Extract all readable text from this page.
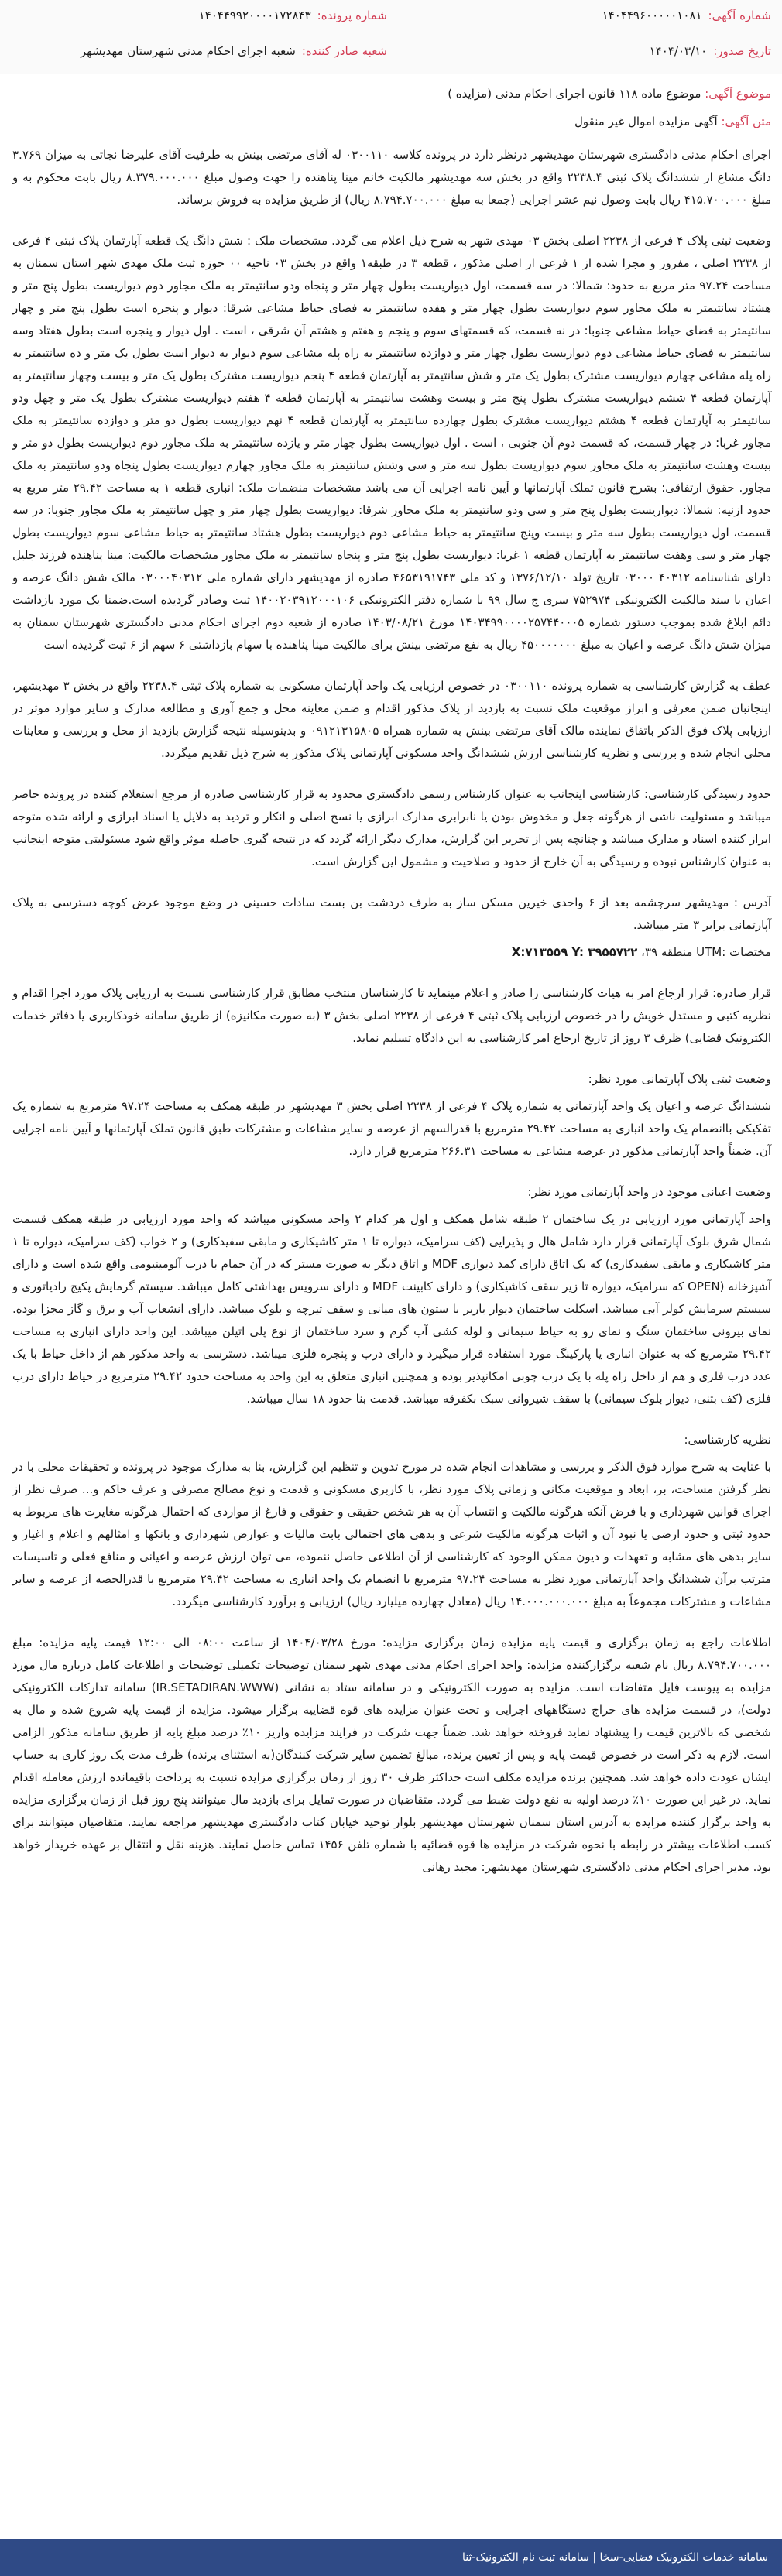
شماره آگهی:
۱۴۰۴۴۹۶۰۰۰۰۰۱۰۸۱
شماره پرونده:
۱۴۰۴۴۹۹۲۰۰۰۰۱۷۲۸۴۳
تاریخ صدور:
۱۴۰۴/۰۳/۱۰
شعبه صادر کننده:
شعبه اجرای احکام مدنی شهرستان مهدیشهر
موضوع آگهی: موضوع ماده ۱۱۸ قانون اجرای احکام مدنی (مزایده )
متن آگهی: آگهی مزایده اموال غیر منقول

اجرای احکام مدنی دادگستری شهرستان مهدیشهر درنظر دارد در پرونده کلاسه ۰۳۰۰۱۱۰ له آقای مرتضی بینش به طرفیت آقای علیرضا نجاتی به میزان ۳.۷۶۹ دانگ مشاع از ششدانگ پلاک ثبتی ۲۲۳۸.۴ واقع در بخش سه مهدیشهر مالکیت خانم مینا پناهنده را جهت وصول مبلغ ۸.۳۷۹.۰۰۰.۰۰۰ ریال بابت محکوم به و مبلغ ۴۱۵.۷۰۰.۰۰۰ ریال بابت وصول نیم عشر اجرایی (جمعا به مبلغ ۸.۷۹۴.۷۰۰.۰۰۰ ریال) از طریق مزایده به فروش برساند.

وضعیت ثبتی پلاک ۴ فرعی از ۲۲۳۸ اصلی بخش ۰۳ مهدی شهر به شرح ذیل اعلام می گردد. مشخصات ملک : شش دانگ یک قطعه آپارتمان پلاک ثبتی ۴ فرعی از ۲۲۳۸ اصلی ، مفروز و مجزا شده از ۱ فرعی از اصلی مذکور ، قطعه ۳ در طبقه۱ واقع در بخش ۰۳ ناحیه ۰۰ حوزه ثبت ملک مهدی شهر استان سمنان به مساحت ۹۷.۲۴ متر مربع به حدود: شمالا: در سه قسمت، اول دیواریست بطول چهار متر و پنجاه ودو سانتیمتر به ملک مجاور دوم دیواریست بطول پنج متر و هشتاد سانتیمتر به ملک مجاور سوم دیواریست بطول چهار متر و هفده سانتیمتر به فضای حیاط مشاعی شرقا: دیوار و پنجره است بطول پنج متر و چهار سانتیمتر به فضای حیاط مشاعی جنوبا: در نه قسمت، که قسمتهای سوم و پنجم و هفتم و هشتم آن شرقی ، است . اول دیوار و پنجره است بطول هفتاد وسه سانتیمتر به فضای حیاط مشاعی دوم دیواریست بطول چهار متر و دوازده سانتیمتر به راه پله مشاعی سوم دیوار به دیوار است بطول یک متر و ده سانتیمتر به راه پله مشاعی چهارم دیواریست مشترک بطول یک متر و شش سانتیمتر به آپارتمان قطعه ۴ پنجم دیواریست مشترک بطول یک متر و بیست وچهار سانتیمتر به آپارتمان قطعه ۴ ششم دیواریست مشترک بطول پنج متر و بیست وهشت سانتیمتر به آپارتمان قطعه ۴ هفتم دیواریست مشترک بطول یک متر و چهل ودو سانتیمتر به آپارتمان قطعه ۴ هشتم دیواریست مشترک بطول چهارده سانتیمتر به آپارتمان قطعه ۴ نهم دیواریست بطول دو متر و دوازده سانتیمتر به ملک مجاور غربا: در چهار قسمت، که قسمت دوم آن جنوبی ، است . اول دیواریست بطول چهار متر و یازده سانتیمتر به ملک مجاور دوم دیواریست بطول دو متر و بیست وهشت سانتیمتر به ملک مجاور سوم دیواریست بطول سه متر و سی وشش سانتیمتر به ملک مجاور چهارم دیواریست بطول پنجاه ودو سانتیمتر به ملک مجاور. حقوق ارتفاقی: بشرح قانون تملک آپارتمانها و آیین نامه اجرایی آن می باشد مشخصات منضمات ملک: انباری قطعه ۱ به مساحت ۲۹.۴۲ متر مربع به حدود ازنیه: شمالا: دیواریست بطول پنج متر و سی ودو سانتیمتر به ملک مجاور شرقا: دیواریست بطول چهار متر و چهل سانتیمتر به ملک مجاور جنوبا: در سه قسمت، اول دیواریست بطول سه متر و بیست وپنج سانتیمتر به حیاط مشاعی دوم دیواریست بطول هشتاد سانتیمتر به حیاط مشاعی سوم دیواریست بطول چهار متر و سی وهفت سانتیمتر به آپارتمان قطعه ۱ غربا: دیواریست بطول پنج متر و پنجاه سانتیمتر به ملک مجاور مشخصات مالکیت: مینا پناهنده فرزند جلیل دارای شناسنامه ۴۰۳۱۲ ۰۳۰۰۰ تاریخ تولد ۱۳۷۶/۱۲/۱۰ و کد ملی ۴۶۵۳۱۹۱۷۴۳ صادره از مهدیشهر دارای شماره ملی ۰۳۰۰۰۴۰۳۱۲ مالک شش دانگ عرصه و اعیان با سند مالکیت الکترونیکی ۷۵۲۹۷۴ سری ج سال ۹۹ با شماره دفتر الکترونیکی ۱۴۰۰۲۰۳۹۱۲۰۰۰۱۰۶ ثبت وصادر گردیده است.ضمنا یک مورد بازداشت دائم ابلاغ شده بموجب دستور شماره ۱۴۰۳۴۹۹۰۰۰۰۲۵۷۴۴۰۰۰۵ مورخ ۱۴۰۳/۰۸/۲۱ صادره از شعبه دوم اجرای احکام مدنی دادگستری شهرستان سمنان به میزان شش دانگ عرصه و اعیان به مبلغ ۴۵۰۰۰۰۰۰۰ ریال به نفع مرتضی بینش برای مالکیت مینا پناهنده با سهام بازداشتی ۶ سهم از ۶ ثبت گردیده است

عطف به گزارش کارشناسی به شماره پرونده ۰۳۰۰۱۱۰ در خصوص ارزیابی یک واحد آپارتمان مسکونی به شماره پلاک ثبتی ۲۲۳۸.۴ واقع در بخش ۳ مهدیشهر، اینجانبان ضمن معرفی و ابراز موقعیت ملک نسبت به بازدید از پلاک مذکور اقدام و ضمن معاینه محل و جمع آوری و مطالعه مدارک و سایر موارد موثر در ارزیابی پلاک فوق الذکر باتفاق نماینده مالک آقای مرتضی بینش به شماره همراه ۰۹۱۲۱۳۱۵۸۰۵ و بدینوسیله نتیجه گزارش بازدید از محل و بررسی و معاینات محلی انجام شده و بررسی و نظریه کارشناسی ارزش ششدانگ واحد مسکونی آپارتمانی پلاک مذکور به شرح ذیل تقدیم میگردد.

حدود رسیدگی کارشناسی: کارشناسی اینجانب به عنوان کارشناس رسمی دادگستری محدود به قرار کارشناسی صادره از مرجع استعلام کننده در پرونده حاضر میباشد و مسئولیت ناشی از هرگونه جعل و مخدوش بودن یا نابرابری مدارک ابرازی یا نسخ اصلی و انکار و تردید به دلایل یا اسناد ابرازی و ارائه شده متوجه ابراز کننده اسناد و مدارک میباشد و چنانچه پس از تحریر این گزارش، مدارک دیگر ارائه گردد که در نتیجه گیری حاصله موثر واقع شود مسئولیتی متوجه اینجانب به عنوان کارشناس نبوده و رسیدگی به آن خارج از حدود و صلاحیت و مشمول این گزارش است.

آدرس : مهدیشهر سرچشمه بعد از ۶ واحدی خیرین مسکن ساز به طرف دردشت بن بست سادات حسینی در وضع موجود عرض کوچه دسترسی به پلاک آپارتمانی برابر ۳ متر میباشد.

مختصات :UTM منطقه ۳۹، X:۷۱۳۵۵۹ Y: ۳۹۵۵۷۲۲

قرار صادره: قرار ارجاع امر به هیات کارشناسی را صادر و اعلام مینماید تا کارشناسان منتخب مطابق قرار کارشناسی نسبت به ارزیابی پلاک مورد اجرا اقدام و نظریه کتبی و مستدل خویش را در خصوص ارزیابی پلاک ثبتی ۴ فرعی از ۲۲۳۸ اصلی بخش ۳ (به صورت مکانیزه) از طریق سامانه خودکاربری یا دفاتر خدمات الکترونیک قضایی) ظرف ۳ روز از تاریخ ارجاع امر کارشناسی به این دادگاه تسلیم نماید.

وضعیت ثبتی پلاک آپارتمانی مورد نظر:

ششدانگ عرصه و اعیان یک واحد آپارتمانی به شماره پلاک ۴ فرعی از ۲۲۳۸ اصلی بخش ۳ مهدیشهر در طبقه همکف به مساحت ۹۷.۲۴ مترمربع به شماره یک تفکیکی باانضمام یک واحد انباری به مساحت ۲۹.۴۲ مترمربع با قدرالسهم از عرصه و سایر مشاعات و مشترکات طبق قانون تملک آپارتمانها و آیین نامه اجرایی آن. ضمناً واحد آپارتمانی مذکور در عرصه مشاعی به مساحت ۲۶۶.۳۱ مترمربع قرار دارد.

وضعیت اعیانی موجود در واحد آپارتمانی مورد نظر:

واحد آپارتمانی مورد ارزیابی در یک ساختمان ۲ طبقه شامل همکف و اول هر کدام ۲ واحد مسکونی میباشد که واحد مورد ارزیابی در طبقه همکف قسمت شمال شرق بلوک آپارتمانی قرار دارد شامل هال و پذیرایی (کف سرامیک، دیواره تا ۱ متر کاشیکاری و مابقی سفیدکاری) و ۲ خواب (کف سرامیک، دیواره تا ۱ متر کاشیکاری و مابقی سفیدکاری) که یک اتاق دارای کمد دیواری MDF و اتاق دیگر به صورت مستر که در آن حمام با درب آلومینیومی واقع شده است و دارای آشپزخانه (OPEN که سرامیک، دیواره تا زیر سقف کاشیکاری) و دارای کابینت MDF و دارای سرویس بهداشتی کامل میباشد. سیستم گرمایش پکیج رادیاتوری و سیستم سرمایش کولر آبی میباشد. اسکلت ساختمان دیوار باربر با ستون های میانی و سقف تیرچه و بلوک میباشد. دارای انشعاب آب و برق و گاز مجزا بوده. نمای بیرونی ساختمان سنگ و نمای رو به حیاط سیمانی و لوله کشی آب گرم و سرد ساختمان از نوع پلی اتیلن میباشد. این واحد دارای انباری به مساحت ۲۹.۴۲ مترمربع که به عنوان انباری یا پارکینگ مورد استفاده قرار میگیرد و دارای درب و پنجره فلزی میباشد. دسترسی به واحد مذکور هم از داخل حیاط با یک عدد درب فلزی و هم از داخل راه پله با یک درب چوبی امکانپذیر بوده و همچنین انباری متعلق به این واحد به مساحت حدود ۲۹.۴۲ مترمربع در حیاط دارای درب فلزی (کف بتنی، دیوار بلوک سیمانی) با سقف شیروانی سبک بکفرقه میباشد. قدمت بنا حدود ۱۸ سال میباشد.

نظریه کارشناسی:

با عنایت به شرح موارد فوق الذکر و بررسی و مشاهدات انجام شده در مورخ تدوین و تنظیم این گزارش، بنا به مدارک موجود در پرونده و تحقیقات محلی با در نظر گرفتن مساحت، بر، ابعاد و موقعیت مکانی و زمانی پلاک مورد نظر، با کاربری مسکونی و قدمت و نوع مصالح مصرفی و عرف حاکم و... صرف نظر از اجرای قوانین شهرداری و با فرض آنکه هرگونه مالکیت و انتساب آن به هر شخص حقیقی و حقوقی و فارغ از مواردی که احتمال هرگونه مغایرت های مربوط به حدود ثبتی و حدود ارضی یا نبود آن و اثبات هرگونه مالکیت شرعی و بدهی های احتمالی بابت مالیات و عوارض شهرداری و بانکها و امثالهم و اعلام و اغیار و سایر بدهی های مشابه و تعهدات و دیون ممکن الوجود که کارشناسی از آن اطلاعی حاصل ننموده، می توان ارزش عرصه و اعیانی و منافع فعلی و تاسیسات مترتب برآن ششدانگ واحد آپارتمانی مورد نظر به مساحت ۹۷.۲۴ مترمربع با انضمام یک واحد انباری به مساحت ۲۹.۴۲ مترمربع با قدرالحصه از عرصه و سایر مشاعات و مشترکات مجموعاً به مبلغ ۱۴.۰۰۰.۰۰۰.۰۰۰ ریال (معادل چهارده میلیارد ریال) ارزیابی و برآورد کارشناسی میگردد.

اطلاعات راجع به زمان برگزاری و قیمت پایه مزایده زمان برگزاری مزایده: مورخ ۱۴۰۴/۰۳/۲۸ از ساعت ۰۸:۰۰ الی ۱۲:۰۰ قیمت پایه مزایده: مبلغ ۸.۷۹۴.۷۰۰.۰۰۰ ریال نام شعبه برگزارکننده مزایده: واحد اجرای احکام مدنی مهدی شهر سمنان توضیحات تکمیلی توضیحات و اطلاعات کامل درباره مال مورد مزایده به پیوست فایل متفاضات است. مزایده به صورت الکترونیکی و در سامانه ستاد به نشانی (IR.SETADIRAN.WWW) سامانه تدارکات الکترونیکی دولت)، در قسمت مزایده های حراج دستگاههای اجرایی و تحت عنوان مزایده های قوه قضاییه برگزار میشود. مزایده از قیمت پایه شروع شده و مال به شخصی که بالاترین قیمت را پیشنهاد نماید فروخته خواهد شد. ضمناً جهت شرکت در فرایند مزایده واریز ۱۰٪ درصد مبلغ پایه از طریق سامانه مذکور الزامی است. لازم به ذکر است در خصوص قیمت پایه و پس از تعیین برنده، مبالغ تضمین سایر شرکت کنندگان(به استثنای برنده) ظرف مدت یک روز کاری به حساب ایشان عودت داده خواهد شد. همچنین برنده مزایده مکلف است حداکثر ظرف ۳۰ روز از زمان برگزاری مزایده نسبت به پرداخت باقیمانده ارزش معامله اقدام نماید. در غیر این صورت ۱۰٪ درصد اولیه به نفع دولت ضبط می گردد. متقاضیان در صورت تمایل برای بازدید مال میتوانند پنج روز قبل از زمان برگزاری مزایده به واحد برگزار کننده مزایده به آدرس استان سمنان شهرستان مهدیشهر بلوار توحید خیابان کتاب دادگستری مهدیشهر مراجعه نمایند. متقاضیان میتوانند برای کسب اطلاعات بیشتر در رابطه با نحوه شرکت در مزایده ها قوه قضائیه با شماره تلفن ۱۴۵۶ تماس حاصل نمایند. هزینه نقل و انتقال بر عهده خریدار خواهد بود. مدیر اجرای احکام مدنی دادگستری شهرستان مهدیشهر: مجید رهانی

سامانه خدمات الکترونیک قضایی-سخا | سامانه ثبت نام الکترونیک-ثنا
